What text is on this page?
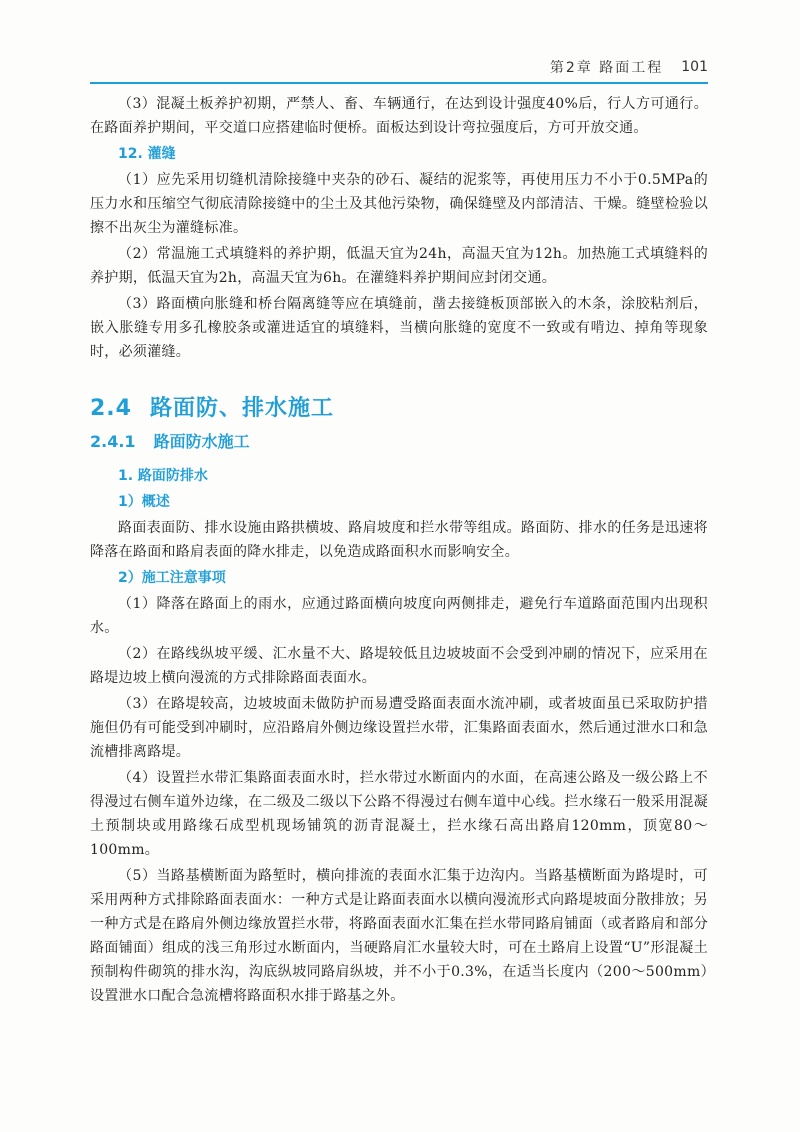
第2章 路面工程 101

（3）混凝土板养护初期，严禁人、畜、车辆通行，在达到设计强度40%后，行人方可通行。在路面养护期间，平交道口应搭建临时便桥。面板达到设计弯拉强度后，方可开放交通。

12. 灌缝

（1）应先采用切缝机清除接缝中夹杂的砂石、凝结的泥浆等，再使用压力不小于0.5MPa的压力水和压缩空气彻底清除接缝中的尘土及其他污染物，确保缝壁及内部清洁、干燥。缝壁检验以擦不出灰尘为灌缝标准。

（2）常温施工式填缝料的养护期，低温天宜为24h，高温天宜为12h。加热施工式填缝料的养护期，低温天宜为2h，高温天宜为6h。在灌缝料养护期间应封闭交通。

（3）路面横向胀缝和桥台隔离缝等应在填缝前，凿去接缝板顶部嵌入的木条，涂胶粘剂后，嵌入胀缝专用多孔橡胶条或灌进适宜的填缝料，当横向胀缝的宽度不一致或有啃边、掉角等现象时，必须灌缝。

2.4 路面防、排水施工
2.4.1 路面防水施工
1. 路面防排水
1）概述

路面表面防、排水设施由路拱横坡、路肩坡度和拦水带等组成。路面防、排水的任务是迅速将降落在路面和路肩表面的降水排走，以免造成路面积水而影响安全。

2）施工注意事项

（1）降落在路面上的雨水，应通过路面横向坡度向两侧排走，避免行车道路面范围内出现积水。

（2）在路线纵坡平缓、汇水量不大、路堤较低且边坡坡面不会受到冲刷的情况下，应采用在路堤边坡上横向漫流的方式排除路面表面水。

（3）在路堤较高，边坡坡面未做防护而易遭受路面表面水流冲刷，或者坡面虽已采取防护措施但仍有可能受到冲刷时，应沿路肩外侧边缘设置拦水带，汇集路面表面水，然后通过泄水口和急流槽排离路堤。

（4）设置拦水带汇集路面表面水时，拦水带过水断面内的水面，在高速公路及一级公路上不得漫过右侧车道外边缘，在二级及二级以下公路不得漫过右侧车道中心线。拦水缘石一般采用混凝土预制块或用路缘石成型机现场铺筑的沥青混凝土，拦水缘石高出路肩120mm，顶宽80～100mm。

（5）当路基横断面为路堑时，横向排流的表面水汇集于边沟内。当路基横断面为路堤时，可采用两种方式排除路面表面水：一种方式是让路面表面水以横向漫流形式向路堤坡面分散排放；另一种方式是在路肩外侧边缘放置拦水带，将路面表面水汇集在拦水带同路肩铺面（或者路肩和部分路面铺面）组成的浅三角形过水断面内，当硬路肩汇水量较大时，可在土路肩上设置“U”形混凝土预制构件砌筑的排水沟，沟底纵坡同路肩纵坡，并不小于0.3%，在适当长度内（200～500mm）设置泄水口配合急流槽将路面积水排于路基之外。
